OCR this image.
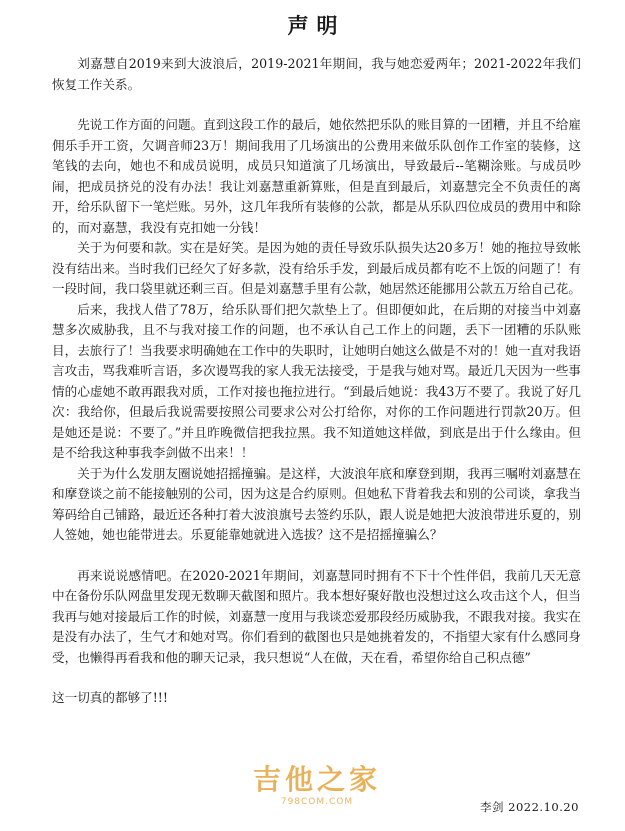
声明

刘嘉慧自2019来到大波浪后，2019-2021年期间，我与她恋爱两年；2021-2022年我们恢复工作关系。

先说工作方面的问题。直到这段工作的最后，她依然把乐队的账目算的一团糟，并且不给雇佣乐手开工资，欠调音师23万！期间我用了几场演出的公费用来做乐队创作工作室的装修，这笔钱的去向，她也不和成员说明，成员只知道演了几场演出，导致最后--笔糊涂账。与成员吵闹，把成员挤兑的没有办法！我让刘嘉慧重新算账，但是直到最后，刘嘉慧完全不负责任的离开，给乐队留下一笔烂账。另外，这几年我所有装修的公款，都是从乐队四位成员的费用中和除的，而对嘉慧，我没有克扣她一分钱！

关于为何要和款。实在是好笑。是因为她的责任导致乐队损失达20多万！她的拖拉导致帐没有结出来。当时我们已经欠了好多款，没有给乐手发，到最后成员都有吃不上饭的问题了！有一段时间，我口袋里就还剩三百。但是刘嘉慧手里有公款，她居然还能挪用公款五万给自己花。

后来，我找人借了78万，给乐队哥们把欠款垫上了。但即便如此，在后期的对接当中刘嘉慧多次威胁我，且不与我对接工作的问题，也不承认自己工作上的问题，丢下一团糟的乐队账目，去旅行了！当我要求明确她在工作中的失职时，让她明白她这么做是不对的！她一直对我语言攻击，骂我难听言语，多次谩骂我的家人我无法接受，于是我与她对骂。最近几天因为一些事情的心虚她不敢再跟我对质，工作对接也拖拉进行。“到最后她说：我43万不要了。我说了好几次：我给你，但最后我说需要按照公司要求公对公打给你，对你的工作问题进行罚款20万。但是她还是说：不要了。”并且昨晚微信把我拉黑。我不知道她这样做，到底是出于什么缘由。但是不给我这种事我李剑做不出来！！

关于为什么发朋友圈说她招摇撞骗。是这样，大波浪年底和摩登到期，我再三嘱咐刘嘉慧在和摩登谈之前不能接触别的公司，因为这是合约原则。但她私下背着我去和别的公司谈，拿我当筹码给自己铺路，最近还各种打着大波浪旗号去签约乐队，跟人说是她把大波浪带进乐夏的，别人签她，她也能带进去。乐夏能靠她就进入选拔？这不是招摇撞骗么？

再来说说感情吧。在2020-2021年期间，刘嘉慧同时拥有不下十个性伴侣，我前几天无意中在备份乐队网盘里发现无数聊天截图和照片。我本想好聚好散也没想过这么攻击这个人，但当我再与她对接最后工作的时候，刘嘉慧一度用与我谈恋爱那段经历威胁我，不跟我对接。我实在是没有办法了，生气才和她对骂。你们看到的截图也只是她挑着发的，不指望大家有什么感同身受，也懒得再看我和他的聊天记录，我只想说“人在做，天在看，希望你给自己积点德”

这一切真的都够了!!!

吉他之家
798COM.COM	李剑 2022.10.20
